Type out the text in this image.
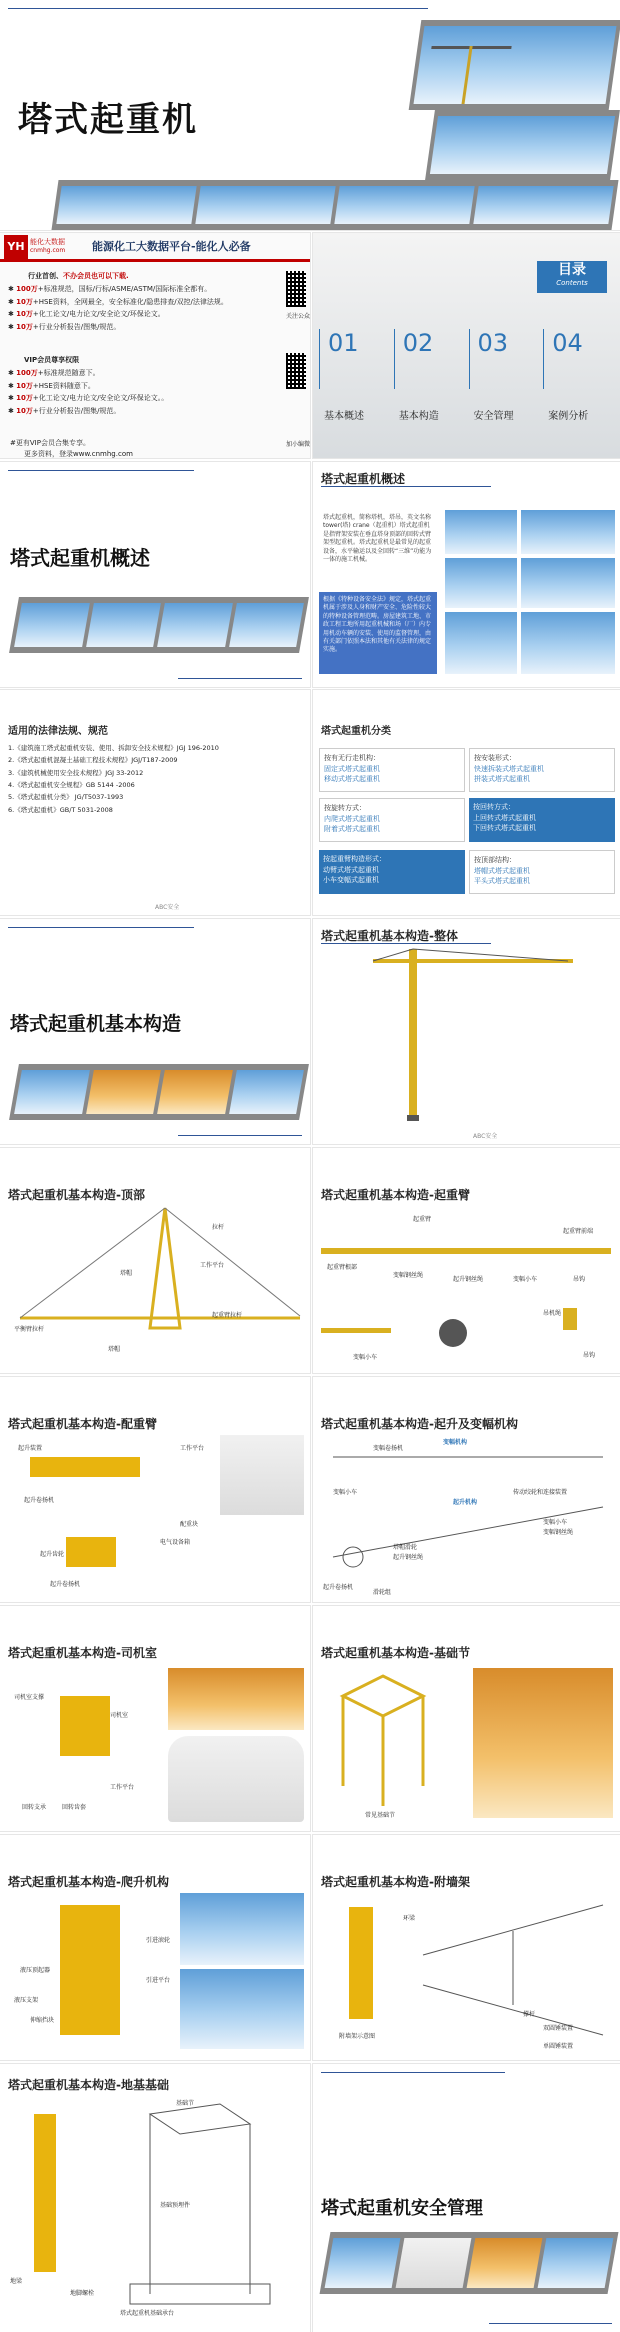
塔式起重机
YH 能化大数据
cnmhg.com 能源化工大数据平台-能化人必备
行业首创、不办会员也可以下载.
✱ 100万+标准规范，国标/行标/ASME/ASTM/国际标准全都有。
✱ 10万+HSE资料，全网最全，安全标准化/隐患排查/双控/法律法规。
✱ 10万+化工论文/电力论文/安全论文/环保论文。
✱ 10万+行业分析报告/图集/规范。
VIP会员尊享权限
✱ 100万+标准规范随意下。
✱ 10万+HSE资料随意下。
✱ 10万+化工论文/电力论文/安全论文/环保论文。。
✱ 10万+行业分析报告/图集/规范。
#更有VIP会员合集专享。
更多资料，登录www.cnmhg.com
关注公众
加小编微
目录
Contents
01
基本概述
02
基本构造
03
安全管理
04
案例分析
塔式起重机概述
塔式起重机概述
塔式起重机，简称塔机，塔吊，英文名称tower(塔) crane（起重机）塔式起重机是指臂架安装在垂直塔身顶部的回转式臂架型起重机。塔式起重机是最常见的起重设备，水平输运以及全回转“三维”功能为一体的施工机械。
根据《特种设备安全法》规定，塔式起重机属于涉及人身和财产安全、危险性较大的特种设备管理范畴。房屋建筑工地、市政工程工地所用起重机械和场（厂）内专用机动车辆的安装、使用的监督管理，由有关部门依照本法和其他有关法律的规定实施。
适用的法律法规、规范
1.《建筑施工塔式起重机安装、使用、拆卸安全技术规程》JGJ 196-2010
2.《塔式起重机混凝土基础工程技术规程》JGJ/T187-2009
3.《建筑机械使用安全技术规程》JGJ 33-2012
4.《塔式起重机安全规程》GB 5144 -2006
5.《塔式起重机分类》 JG/T5037-1993
6.《塔式起重机》GB/T 5031-2008
ABC安全
塔式起重机分类
按有无行走机构：
固定式塔式起重机
移动式塔式起重机
按安装形式：
快速拆装式塔式起重机
拼装式塔式起重机
按旋转方式：
内爬式塔式起重机
附着式塔式起重机
按回转方式：
上回转式塔式起重机
下回转式塔式起重机
按起重臂构造形式：
动臂式塔式起重机
小车变幅式起重机
按顶部结构：
塔帽式塔式起重机
平头式塔式起重机
塔式起重机基本构造
塔式起重机基本构造-整体
ABC安全
塔式起重机基本构造-顶部
拉杆
塔帽
工作平台
平衡臂拉杆
起重臂拉杆
塔帽
塔式起重机基本构造-起重臂
起重臂
起重臂前端
起重臂根部
变幅钢丝绳
起升钢丝绳	变幅小车	吊钩
吊机绳
变幅小车	吊钩
塔式起重机基本构造-配重臂
起升装置	工作平台
配重块
起升卷扬机
电气设备箱
起升齿轮
起升卷扬机
塔式起重机基本构造-起升及变幅机构
变幅卷扬机
变幅机构
变幅小车
起升机构
传动绞轮和连接装置
变幅小车
变幅钢丝绳
起升卷扬机
塔帽滑轮
起升钢丝绳
滑轮组
塔式起重机基本构造-司机室
司机室支撑
司机室
工作平台
回转支承	回转齿套
塔式起重机基本构造-基础节
常见基础节
塔式起重机基本构造-爬升机构
液压顶起器
液压支架
伸缩挡块
引进平台
引进滚轮
塔式起重机基本构造-附墙架
环梁
附墙架示意图
撑杆
双圆锤装置
单圆锤装置
塔式起重机基本构造-地基基础
基础节
基础预埋件
地梁
地脚螺栓
塔式起重机基础承台
塔式起重机安全管理
